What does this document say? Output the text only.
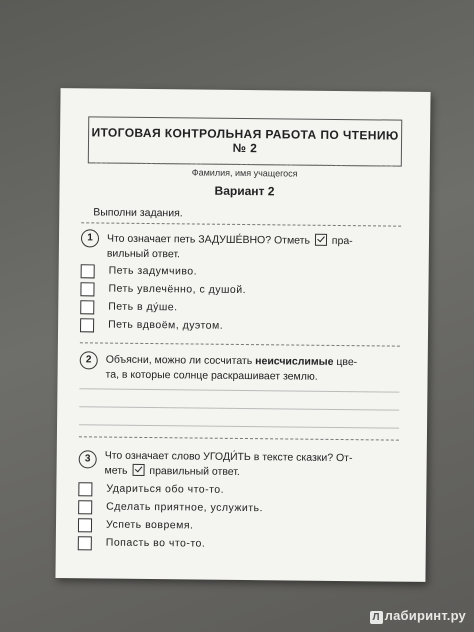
ИТОГОВАЯ КОНТРОЛЬНАЯ РАБОТА ПО ЧТЕНИЮ
№ 2
Фамилия, имя учащегося
Вариант 2
Выполни задания.
1	Что означает петь ЗАДУШЕ́ВНО? Отметь пра-
вильный ответ.
Петь задумчиво.
Петь увлечённо, с душой.
Петь в ду́ше.
Петь вдвоём, дуэтом.
2	Объясни, можно ли сосчитать неисчислимые цве-
та, в которые солнце раскрашивает землю.
3	Что означает слово УГОДИ́ТЬ в тексте сказки? От-
меть правильный ответ.
Удариться обо что-то.
Сделать приятное, услужить.
Успеть вовремя.
Попасть во что-то.
Л лабиринт.ру
